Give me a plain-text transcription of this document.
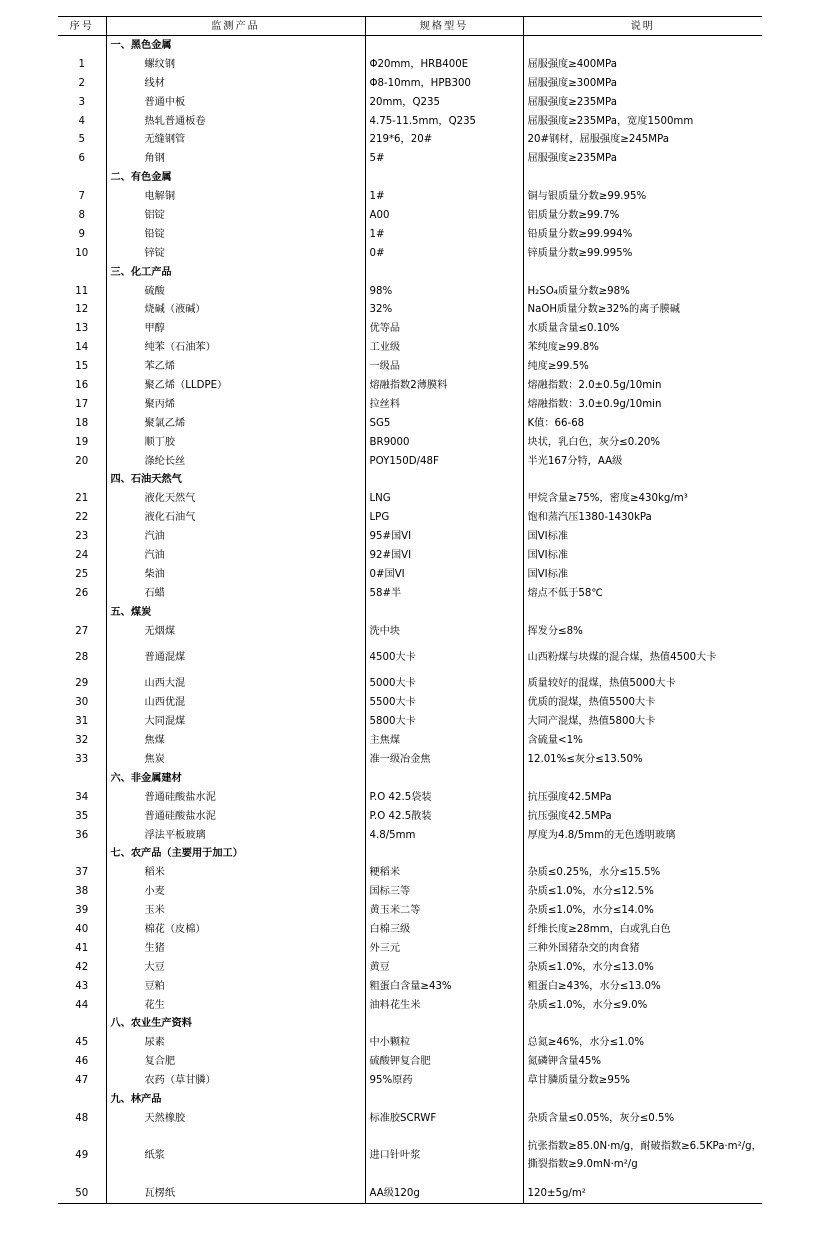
序号	监测产品	规格型号	说明
	一、黑色金属		
1	螺纹钢	Φ20mm，HRB400E	屈服强度≥400MPa
2	线材	Φ8-10mm，HPB300	屈服强度≥300MPa
3	普通中板	20mm，Q235	屈服强度≥235MPa
4	热轧普通板卷	4.75-11.5mm，Q235	屈服强度≥235MPa，宽度1500mm
5	无缝钢管	219*6，20#	20#钢材，屈服强度≥245MPa
6	角钢	5#	屈服强度≥235MPa
	二、有色金属		
7	电解铜	1#	铜与银质量分数≥99.95%
8	铝锭	A00	铝质量分数≥99.7%
9	铅锭	1#	铅质量分数≥99.994%
10	锌锭	0#	锌质量分数≥99.995%
	三、化工产品		
11	硫酸	98%	H₂SO₄质量分数≥98%
12	烧碱（液碱）	32%	NaOH质量分数≥32%的离子膜碱
13	甲醇	优等品	水质量含量≤0.10%
14	纯苯（石油苯）	工业级	苯纯度≥99.8%
15	苯乙烯	一级品	纯度≥99.5%
16	聚乙烯（LLDPE）	熔融指数2薄膜料	熔融指数：2.0±0.5g/10min
17	聚丙烯	拉丝料	熔融指数：3.0±0.9g/10min
18	聚氯乙烯	SG5	K值：66-68
19	顺丁胶	BR9000	块状，乳白色，灰分≤0.20%
20	涤纶长丝	POY150D/48F	半光167分特，AA级
	四、石油天然气		
21	液化天然气	LNG	甲烷含量≥75%，密度≥430kg/m³
22	液化石油气	LPG	饱和蒸汽压1380-1430kPa
23	汽油	95#国VI	国VI标准
24	汽油	92#国VI	国VI标准
25	柴油	0#国VI	国VI标准
26	石蜡	58#半	熔点不低于58℃
	五、煤炭		
27	无烟煤	洗中块	挥发分≤8%
28	普通混煤	4500大卡	山西粉煤与块煤的混合煤，热值4500大卡
29	山西大混	5000大卡	质量较好的混煤，热值5000大卡
30	山西优混	5500大卡	优质的混煤，热值5500大卡
31	大同混煤	5800大卡	大同产混煤，热值5800大卡
32	焦煤	主焦煤	含硫量<1%
33	焦炭	准一级冶金焦	12.01%≤灰分≤13.50%
	六、非金属建材		
34	普通硅酸盐水泥	P.O 42.5袋装	抗压强度42.5MPa
35	普通硅酸盐水泥	P.O 42.5散装	抗压强度42.5MPa
36	浮法平板玻璃	4.8/5mm	厚度为4.8/5mm的无色透明玻璃
	七、农产品（主要用于加工）		
37	稻米	粳稻米	杂质≤0.25%，水分≤15.5%
38	小麦	国标三等	杂质≤1.0%，水分≤12.5%
39	玉米	黄玉米二等	杂质≤1.0%，水分≤14.0%
40	棉花（皮棉）	白棉三级	纤维长度≥28mm，白或乳白色
41	生猪	外三元	三种外国猪杂交的肉食猪
42	大豆	黄豆	杂质≤1.0%，水分≤13.0%
43	豆粕	粗蛋白含量≥43%	粗蛋白≥43%，水分≤13.0%
44	花生	油料花生米	杂质≤1.0%，水分≤9.0%
	八、农业生产资料		
45	尿素	中小颗粒	总氮≥46%，水分≤1.0%
46	复合肥	硫酸钾复合肥	氮磷钾含量45%
47	农药（草甘膦）	95%原药	草甘膦质量分数≥95%
	九、林产品		
48	天然橡胶	标准胶SCRWF	杂质含量≤0.05%，灰分≤0.5%
49	纸浆	进口针叶浆	抗张指数≥85.0N·m/g，耐破指数≥6.5KPa·m²/g，撕裂指数≥9.0mN·m²/g
50	瓦楞纸	AA级120g	120±5g/m²
